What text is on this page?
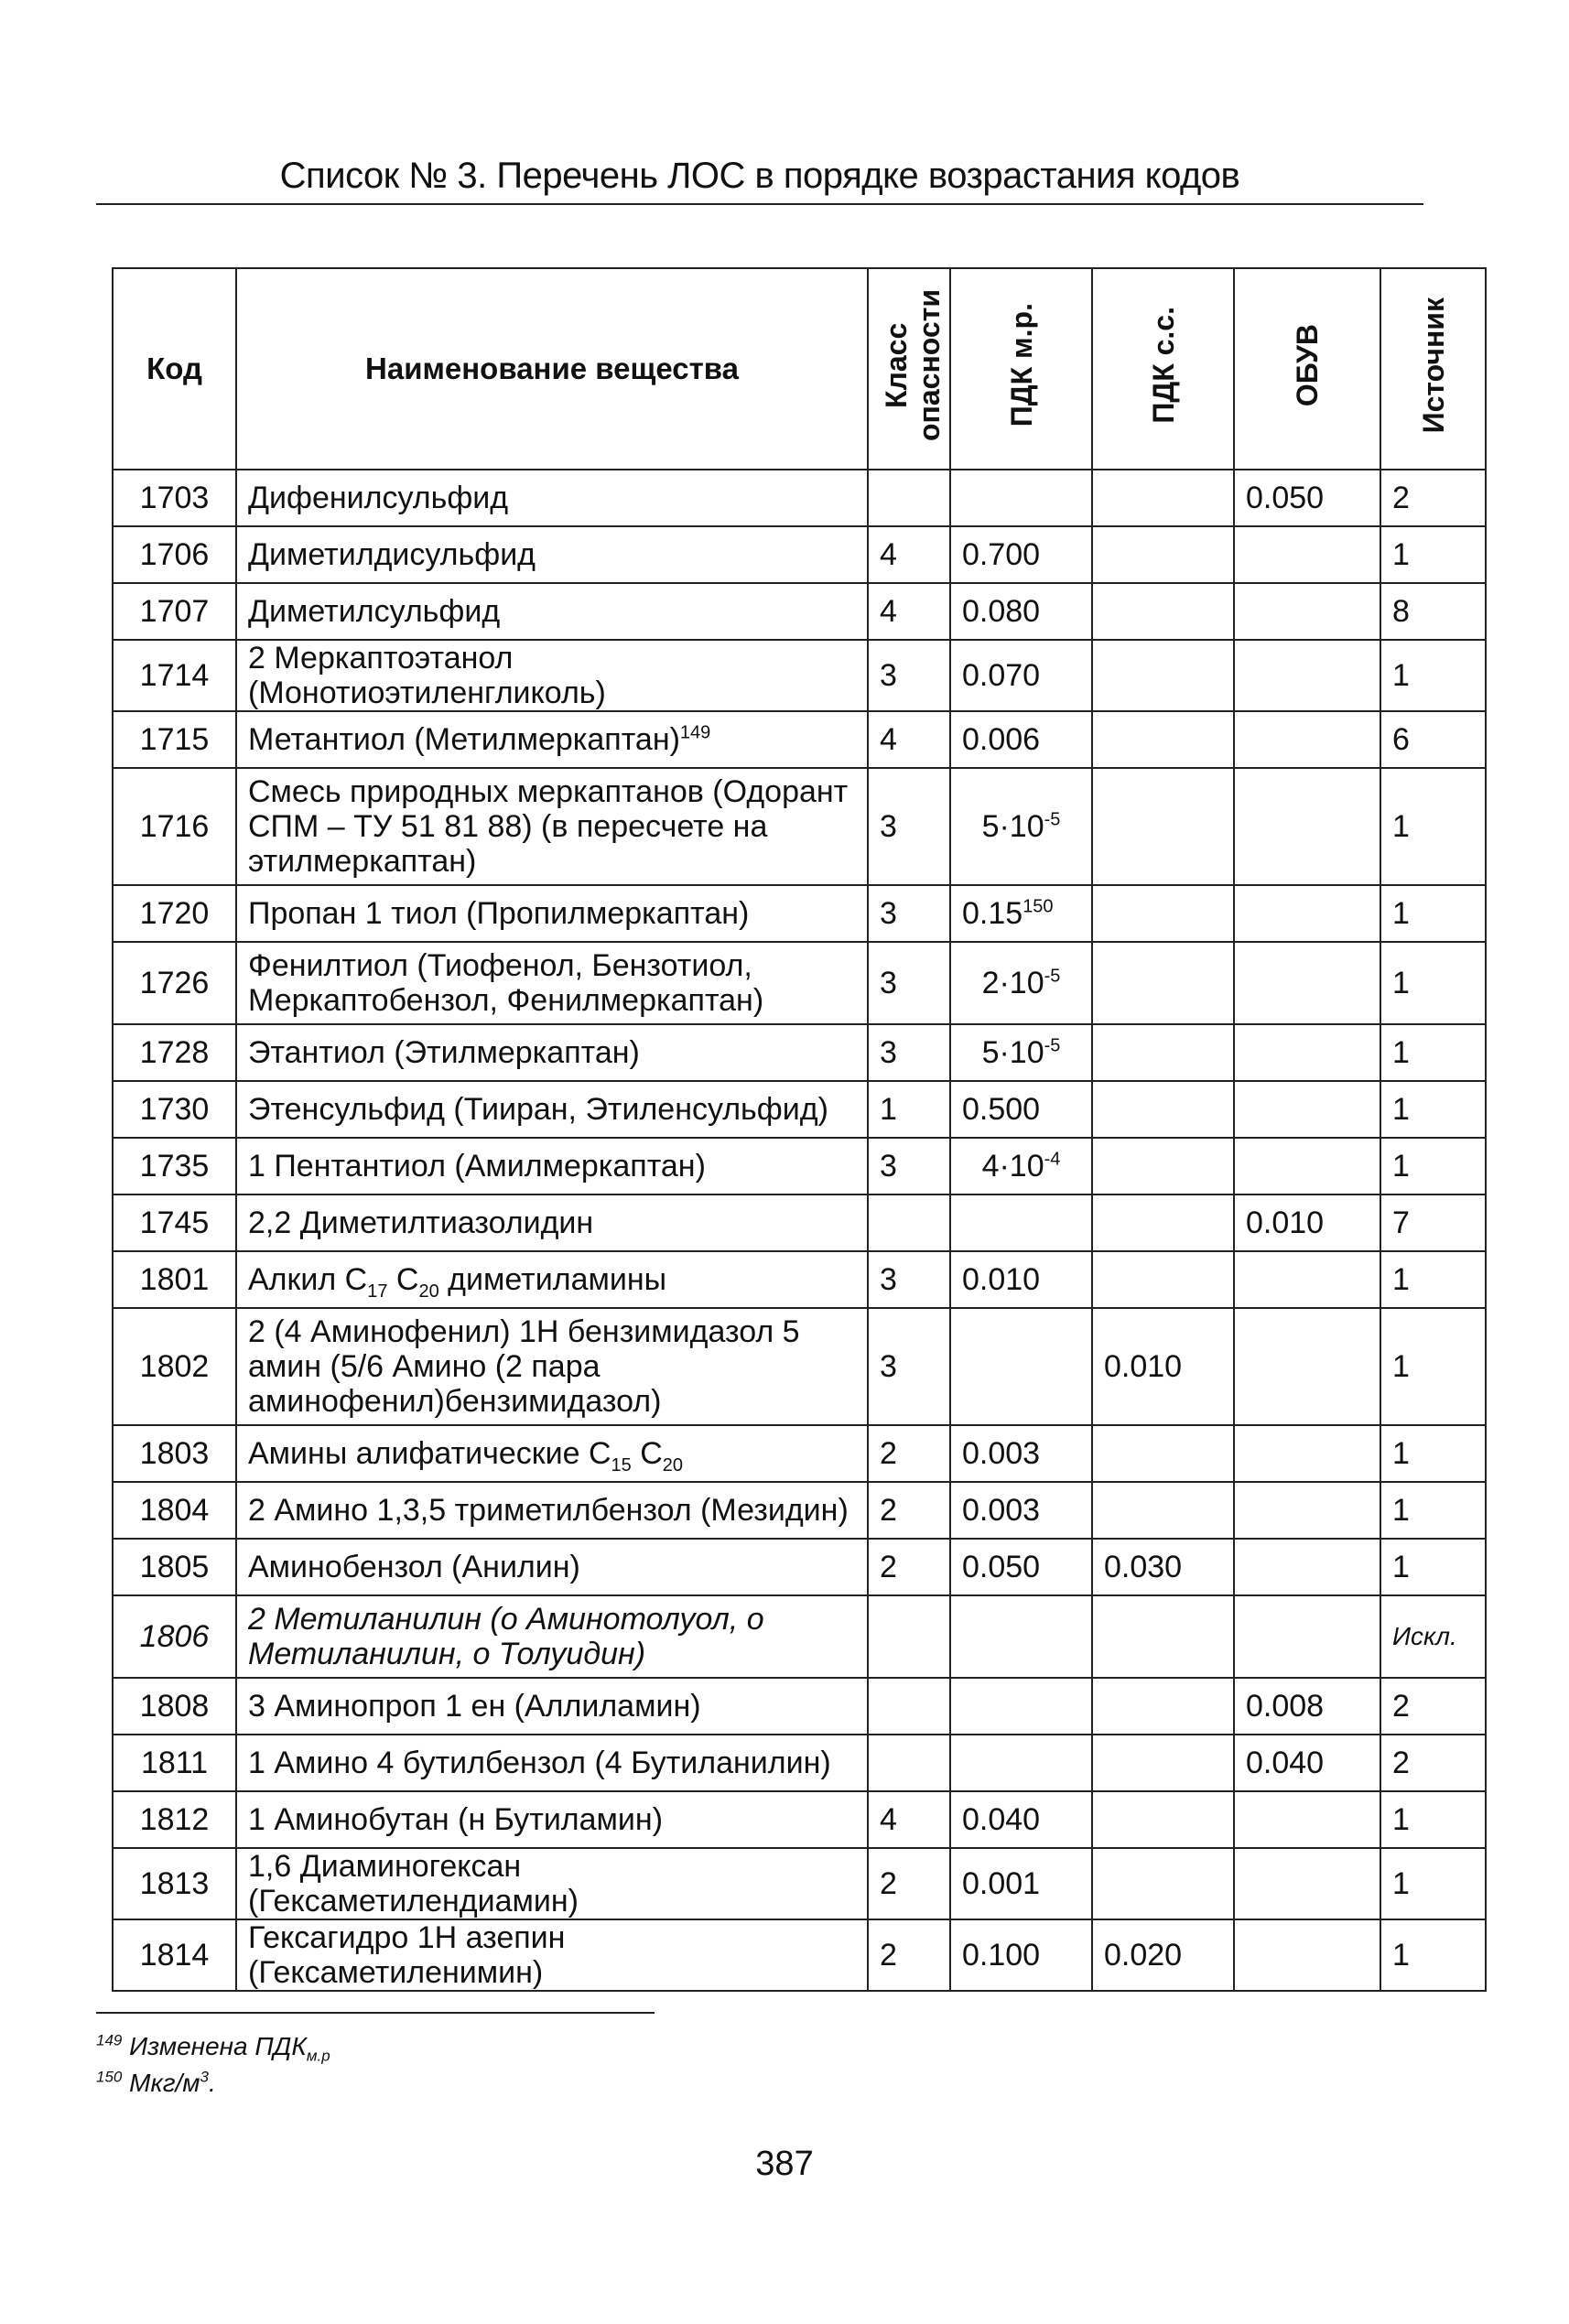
Список № 3. Перечень ЛОС в порядке возрастания кодов
Код	Наименование вещества	Класс опасности	ПДК м.р.	ПДК с.с.	ОБУВ	Источник
1703	Дифенилсульфид				0.050	2
1706	Диметилдисульфид	4	0.700			1
1707	Диметилсульфид	4	0.080			8
1714	2 Меркаптоэтанол (Монотиоэтиленгликоль)	3	0.070			1
1715	Метантиол (Метилмеркаптан)$^{149}$	4	0.006			6
1716	Смесь природных меркаптанов (Одорант СПМ – ТУ 51 81 88) (в пересчете на этилмеркаптан)	3	$5\cdot 10^{-5}$			1
1720	Пропан 1 тиол (Пропилмеркаптан)	3	0.15$^{150}$			1
1726	Фенилтиол (Тиофенол, Бензотиол, Меркаптобензол, Фенилмеркаптан)	3	$2\cdot 10^{-5}$			1
1728	Этантиол (Этилмеркаптан)	3	$5\cdot 10^{-5}$			1
1730	Этенсульфид (Тииран, Этиленсульфид)	1	0.500			1
1735	1 Пентантиол (Амилмеркаптан)	3	$4\cdot 10^{-4}$			1
1745	2,2 Диметилтиазолидин				0.010	7
1801	Алкил $C_{17}$ $C_{20}$ диметиламины	3	0.010			1
1802	2 (4 Аминофенил) 1Н бензимидазол 5 амин (5/6 Амино (2 пара аминофенил)бензимидазол)	3		0.010		1
1803	Амины алифатические $C_{15}$ $C_{20}$	2	0.003			1
1804	2 Амино 1,3,5 триметилбензол (Мезидин)	2	0.003			1
1805	Аминобензол (Анилин)	2	0.050	0.030		1
1806	2 Метиланилин (о Аминотолуол, о Метиланилин, о Толуидин)					Искл.
1808	3 Аминопроп 1 ен (Аллиламин)				0.008	2
1811	1 Амино 4 бутилбензол (4 Бутиланилин)				0.040	2
1812	1 Аминобутан (н Бутиламин)	4	0.040			1
1813	1,6 Диаминогексан (Гексаметилендиамин)	2	0.001			1
1814	Гексагидро 1Н азепин (Гексаметиленимин)	2	0.100	0.020		1
$^{149}$ Изменена $ПДК_{м.р}$
$^{150}$ Мкг/$м^3$.
387
